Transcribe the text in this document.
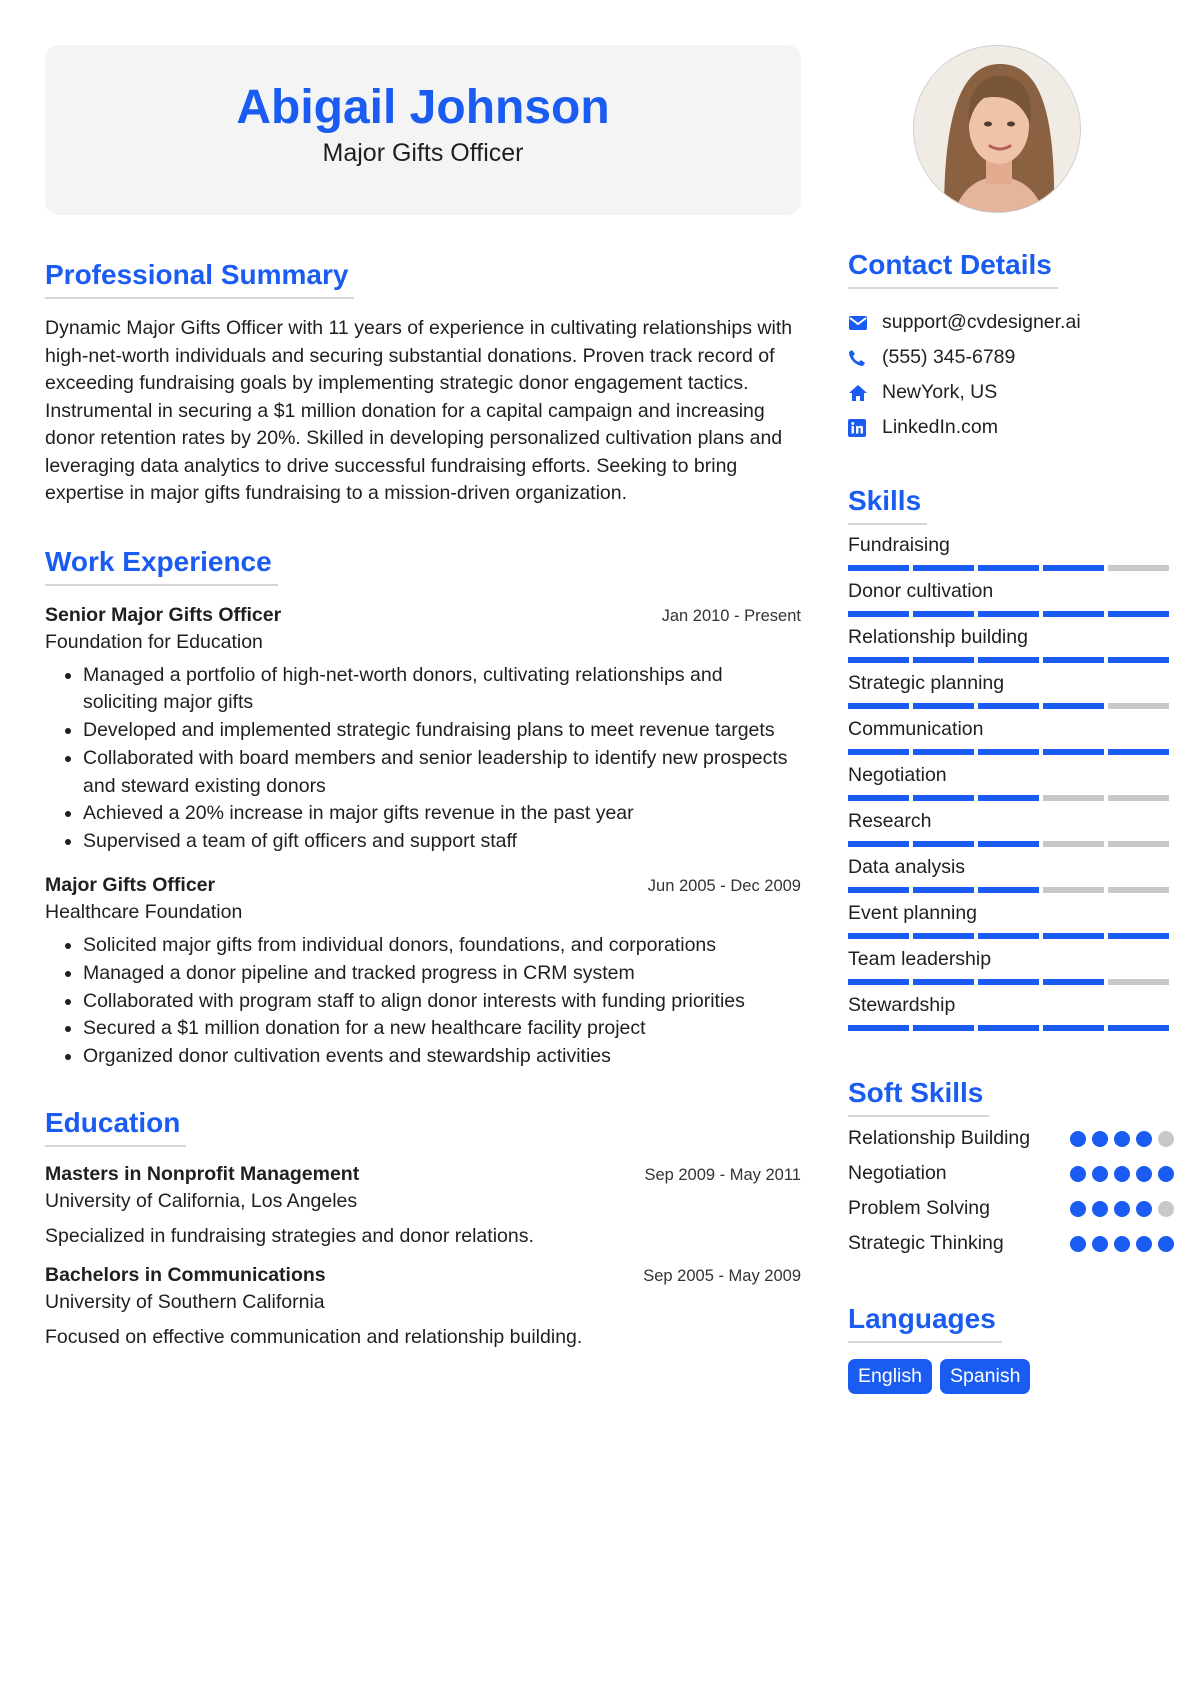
Abigail Johnson
Major Gifts Officer
Professional Summary

Dynamic Major Gifts Officer with 11 years of experience in cultivating relationships with high-net-worth individuals and securing substantial donations. Proven track record of exceeding fundraising goals by implementing strategic donor engagement tactics. Instrumental in securing a $1 million donation for a capital campaign and increasing donor retention rates by 20%. Skilled in developing personalized cultivation plans and leveraging data analytics to drive successful fundraising efforts. Seeking to bring expertise in major gifts fundraising to a mission-driven organization.

Work Experience
Senior Major Gifts Officer	Jan 2010 - Present
Foundation for Education
• Managed a portfolio of high-net-worth donors, cultivating relationships and soliciting major gifts
• Developed and implemented strategic fundraising plans to meet revenue targets
• Collaborated with board members and senior leadership to identify new prospects and steward existing donors
• Achieved a 20% increase in major gifts revenue in the past year
• Supervised a team of gift officers and support staff
Major Gifts Officer	Jun 2005 - Dec 2009
Healthcare Foundation
• Solicited major gifts from individual donors, foundations, and corporations
• Managed a donor pipeline and tracked progress in CRM system
• Collaborated with program staff to align donor interests with funding priorities
• Secured a $1 million donation for a new healthcare facility project
• Organized donor cultivation events and stewardship activities
Education
Masters in Nonprofit Management	Sep 2009 - May 2011
University of California, Los Angeles
Specialized in fundraising strategies and donor relations.
Bachelors in Communications	Sep 2005 - May 2009
University of Southern California
Focused on effective communication and relationship building.
Contact Details
support@cvdesigner.ai
(555) 345-6789
NewYork, US
LinkedIn.com
Skills
Fundraising
Donor cultivation
Relationship building
Strategic planning
Communication
Negotiation
Research
Data analysis
Event planning
Team leadership
Stewardship
Soft Skills
Relationship Building
Negotiation
Problem Solving
Strategic Thinking
Languages
English	Spanish
